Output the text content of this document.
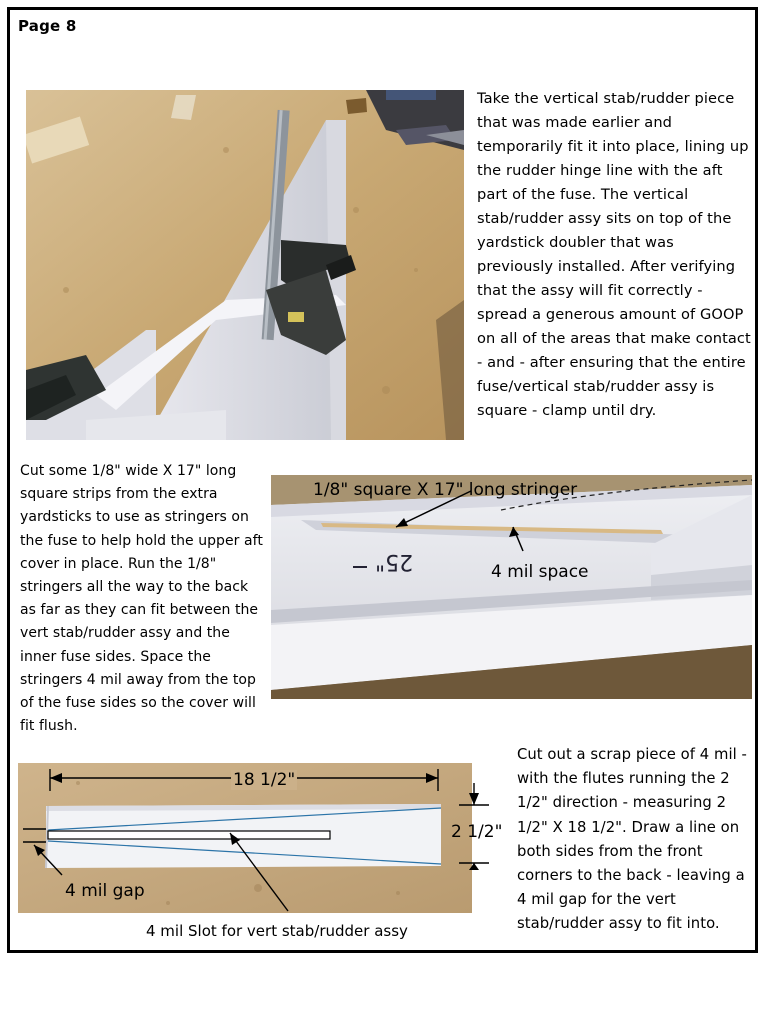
Page 8
Take the vertical stab/rudder piece that was made earlier and temporarily fit it into place, lining up the rudder hinge line with the aft part of the fuse. The vertical stab/rudder assy sits on top of the yardstick doubler that was previously installed. After verifying that the assy will fit correctly - spread a generous amount of GOOP on all of the areas that make contact - and - after ensuring that the entire fuse/vertical stab/rudder assy is square - clamp until dry.
Cut some 1/8" wide X 17" long square strips from the extra yardsticks to use as stringers on the fuse to help hold the upper aft cover in place. Run the 1/8" stringers all the way to the back as far as they can fit between the vert stab/rudder assy and the inner fuse sides. Space the stringers 4 mil away from the top of the fuse sides so the cover will fit flush.
25"
1/8" square X 17" long stringer
4 mil space
18 1/2"
4 mil gap
2 1/2"
4 mil Slot for vert stab/rudder assy
Cut out a scrap piece of 4 mil - with the flutes running the 2 1/2" direction - measuring 2 1/2" X 18 1/2". Draw a line on both sides from the front corners to the back - leaving a 4 mil gap for the vert stab/rudder assy to fit into.
